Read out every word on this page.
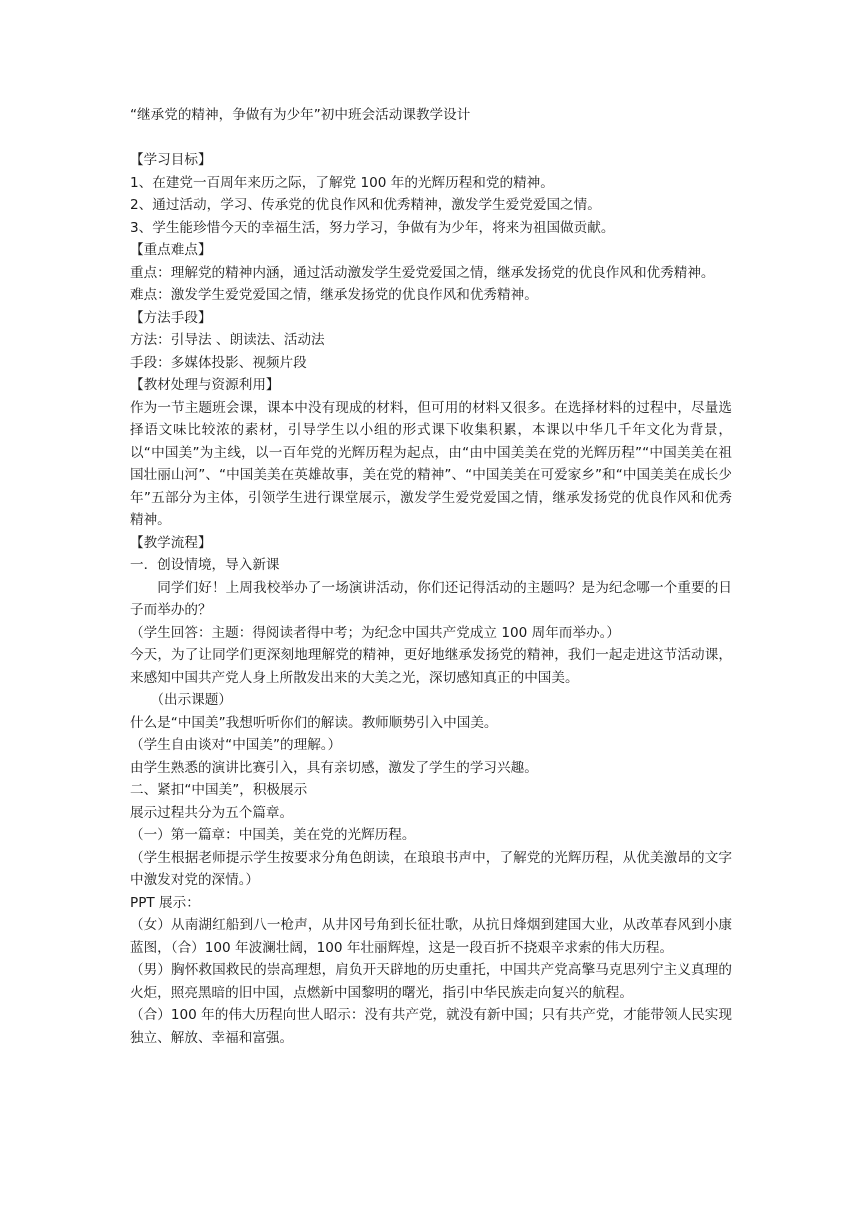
“继承党的精神，争做有为少年”初中班会活动课教学设计

【学习目标】

1、在建党一百周年来历之际，了解党 100 年的光辉历程和党的精神。

2、通过活动，学习、传承党的优良作风和优秀精神，激发学生爱党爱国之情。

3、学生能珍惜今天的幸福生活，努力学习，争做有为少年，将来为祖国做贡献。

【重点难点】

重点：理解党的精神内涵，通过活动激发学生爱党爱国之情，继承发扬党的优良作风和优秀精神。

难点：激发学生爱党爱国之情，继承发扬党的优良作风和优秀精神。

【方法手段】

方法：引导法 、朗读法、活动法

手段：多媒体投影、视频片段

【教材处理与资源利用】

作为一节主题班会课，课本中没有现成的材料，但可用的材料又很多。在选择材料的过程中，尽量选择语文味比较浓的素材，引导学生以小组的形式课下收集积累，本课以中华几千年文化为背景，以“中国美”为主线，以一百年党的光辉历程为起点，由“由中国美美在党的光辉历程”“中国美美在祖国壮丽山河”、“中国美美在英雄故事，美在党的精神”、“中国美美在可爱家乡”和“中国美美在成长少年”五部分为主体，引领学生进行课堂展示，激发学生爱党爱国之情，继承发扬党的优良作风和优秀精神。

【教学流程】

一．创设情境，导入新课

同学们好！上周我校举办了一场演讲活动，你们还记得活动的主题吗？是为纪念哪一个重要的日子而举办的？

（学生回答：主题：得阅读者得中考；为纪念中国共产党成立 100 周年而举办。）

今天，为了让同学们更深刻地理解党的精神，更好地继承发扬党的精神，我们一起走进这节活动课，来感知中国共产党人身上所散发出来的大美之光，深切感知真正的中国美。

（出示课题）

什么是“中国美”我想听听你们的解读。教师顺势引入中国美。

（学生自由谈对“中国美”的理解。）

由学生熟悉的演讲比赛引入，具有亲切感，激发了学生的学习兴趣。

二、紧扣“中国美”，积极展示

展示过程共分为五个篇章。

（一）第一篇章：中国美，美在党的光辉历程。

（学生根据老师提示学生按要求分角色朗读，在琅琅书声中，了解党的光辉历程，从优美激昂的文字中激发对党的深情。）

PPT 展示：

（女）从南湖红船到八一枪声，从井冈号角到长征壮歌，从抗日烽烟到建国大业，从改革春风到小康蓝图，（合）100 年波澜壮阔，100 年壮丽辉煌，这是一段百折不挠艰辛求索的伟大历程。

（男）胸怀救国救民的崇高理想，肩负开天辟地的历史重托，中国共产党高擎马克思列宁主义真理的火炬，照亮黑暗的旧中国，点燃新中国黎明的曙光，指引中华民族走向复兴的航程。

（合）100 年的伟大历程向世人昭示：没有共产党，就没有新中国；只有共产党，才能带领人民实现独立、解放、幸福和富强。
